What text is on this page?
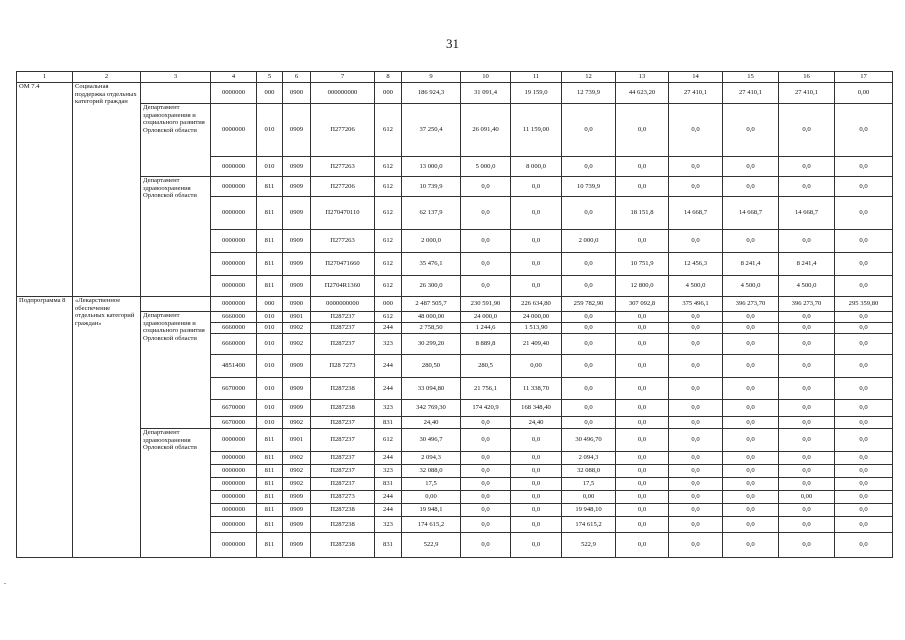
31
1	2	3	4	5	6	7	8	9	10	11	12	13	14	15	16	17
ОМ 7.4	Социальная поддержка отдельных категорий граждан		0000000	000	0900	000000000	000	186 924,3	31 091,4	19 159,0	12 739,9	44 623,20	27 410,1	27 410,1	27 410,1	0,00
		Департамент здравоохранения и социального развития Орловской области	0000000	010	0909	П277206	612	37 250,4	26 091,40	11 159,00	0,0	0,0	0,0	0,0	0,0	0,0
			0000000	010	0909	П277263	612	13 000,0	5 000,0	8 000,0	0,0	0,0	0,0	0,0	0,0	0,0
		Департамент здравоохранения Орловской области	0000000	811	0909	П277206	612	10 739,9	0,0	0,0	10 739,9	0,0	0,0	0,0	0,0	0,0
			0000000	811	0909	П270470110	612	62 137,9	0,0	0,0	0,0	18 151,8	14 668,7	14 668,7	14 668,7	0,0
			0000000	811	0909	П277263	612	2 000,0	0,0	0,0	2 000,0	0,0	0,0	0,0	0,0	0,0
			0000000	811	0909	П270471660	612	35 476,1	0,0	0,0	0,0	10 751,9	12 456,3	8 241,4	8 241,4	0,0
			0000000	811	0909	П2704R1360	612	26 300,0	0,0	0,0	0,0	12 800,0	4 500,0	4 500,0	4 500,0	0,0
Подпрограмма 8	«Лекарственное обеспечение отдельных категорий граждан»		0000000	000	0900	0000000000	000	2 487 505,7	230 591,90	226 634,80	259 782,90	307 092,8	375 496,1	396 273,70	396 273,70	295 359,80
		Департамент здравоохранения и социального развития Орловской области	6660000	010	0901	П287237	612	48 000,00	24 000,0	24 000,00	0,0	0,0	0,0	0,0	0,0	0,0
			6660000	010	0902	П287237	244	2 758,50	1 244,6	1 513,90	0,0	0,0	0,0	0,0	0,0	0,0
			6660000	010	0902	П287237	323	30 299,20	8 889,8	21 409,40	0,0	0,0	0,0	0,0	0,0	0,0
			4851400	010	0909	П28 7273	244	280,50	280,5	0,00	0,0	0,0	0,0	0,0	0,0	0,0
			6670000	010	0909	П287238	244	33 094,80	21 756,1	11 338,70	0,0	0,0	0,0	0,0	0,0	0,0
			6670000	010	0909	П287238	323	342 769,30	174 420,9	168 348,40	0,0	0,0	0,0	0,0	0,0	0,0
			6670000	010	0902	П287237	831	24,40	0,0	24,40	0,0	0,0	0,0	0,0	0,0	0,0
		Департамент здравоохранения Орловской области	0000000	811	0901	П287237	612	30 496,7	0,0	0,0	30 496,70	0,0	0,0	0,0	0,0	0,0
			0000000	811	0902	П287237	244	2 094,3	0,0	0,0	2 094,3	0,0	0,0	0,0	0,0	0,0
			0000000	811	0902	П287237	323	32 088,0	0,0	0,0	32 088,0	0,0	0,0	0,0	0,0	0,0
			0000000	811	0902	П287237	831	17,5	0,0	0,0	17,5	0,0	0,0	0,0	0,0	0,0
			0000000	811	0909	П287273	244	0,00	0,0	0,0	0,00	0,0	0,0	0,0	0,00	0,0
			0000000	811	0909	П287238	244	19 948,1	0,0	0,0	19 948,10	0,0	0,0	0,0	0,0	0,0
			0000000	811	0909	П287238	323	174 615,2	0,0	0,0	174 615,2	0,0	0,0	0,0	0,0	0,0
			0000000	811	0909	П287238	831	522,9	0,0	0,0	522,9	0,0	0,0	0,0	0,0	0,0
.
